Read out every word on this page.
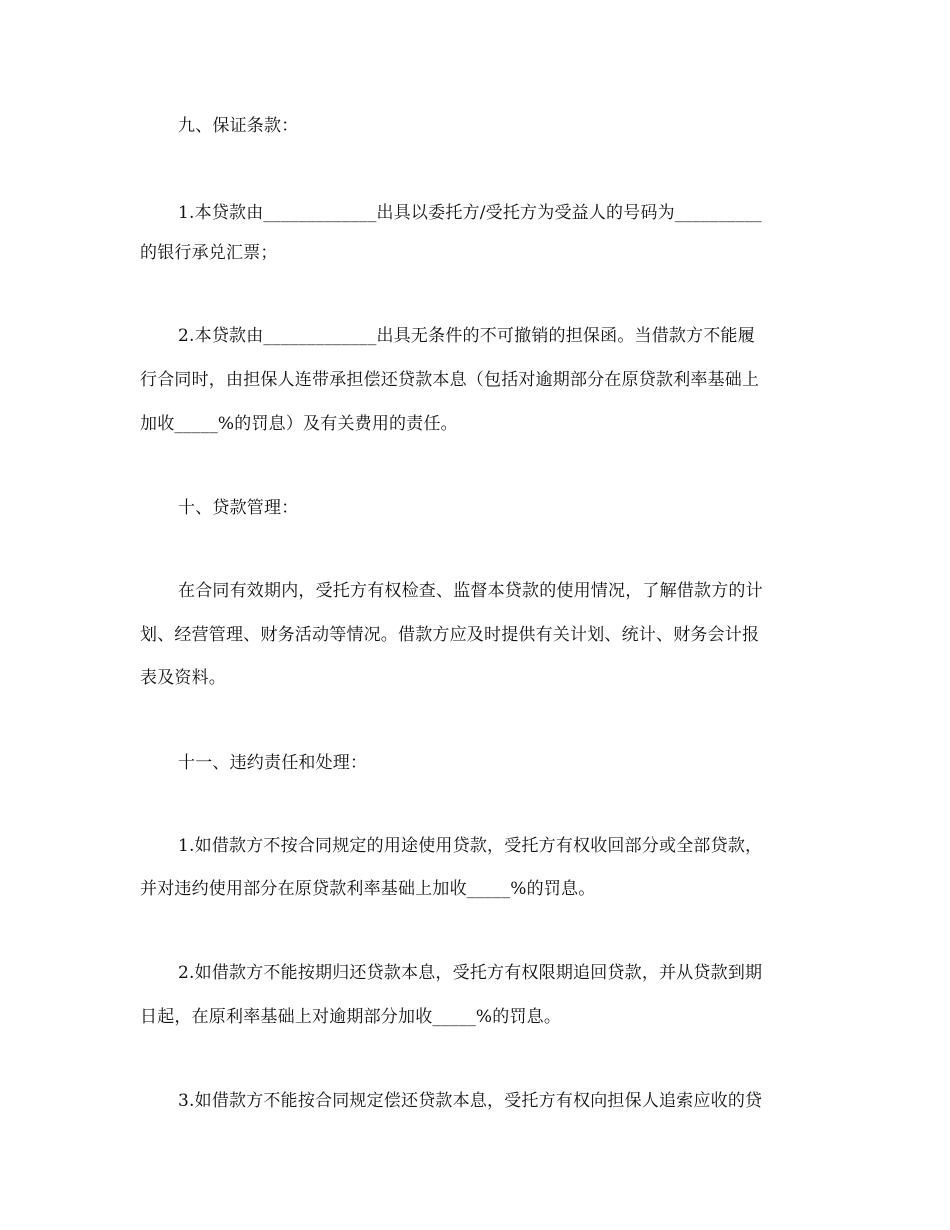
九、保证条款：
1.本贷款由_____________出具以委托方/受托方为受益人的号码为__________
的银行承兑汇票；
2.本贷款由_____________出具无条件的不可撤销的担保函。当借款方不能履
行合同时，由担保人连带承担偿还贷款本息（包括对逾期部分在原贷款利率基础上
加收_____%的罚息）及有关费用的责任。
十、贷款管理：
在合同有效期内，受托方有权检查、监督本贷款的使用情况，了解借款方的计
划、经营管理、财务活动等情况。借款方应及时提供有关计划、统计、财务会计报
表及资料。
十一、违约责任和处理：
1.如借款方不按合同规定的用途使用贷款，受托方有权收回部分或全部贷款，
并对违约使用部分在原贷款利率基础上加收_____%的罚息。
2.如借款方不能按期归还贷款本息，受托方有权限期追回贷款，并从贷款到期
日起，在原利率基础上对逾期部分加收_____%的罚息。
3.如借款方不能按合同规定偿还贷款本息，受托方有权向担保人追索应收的贷
